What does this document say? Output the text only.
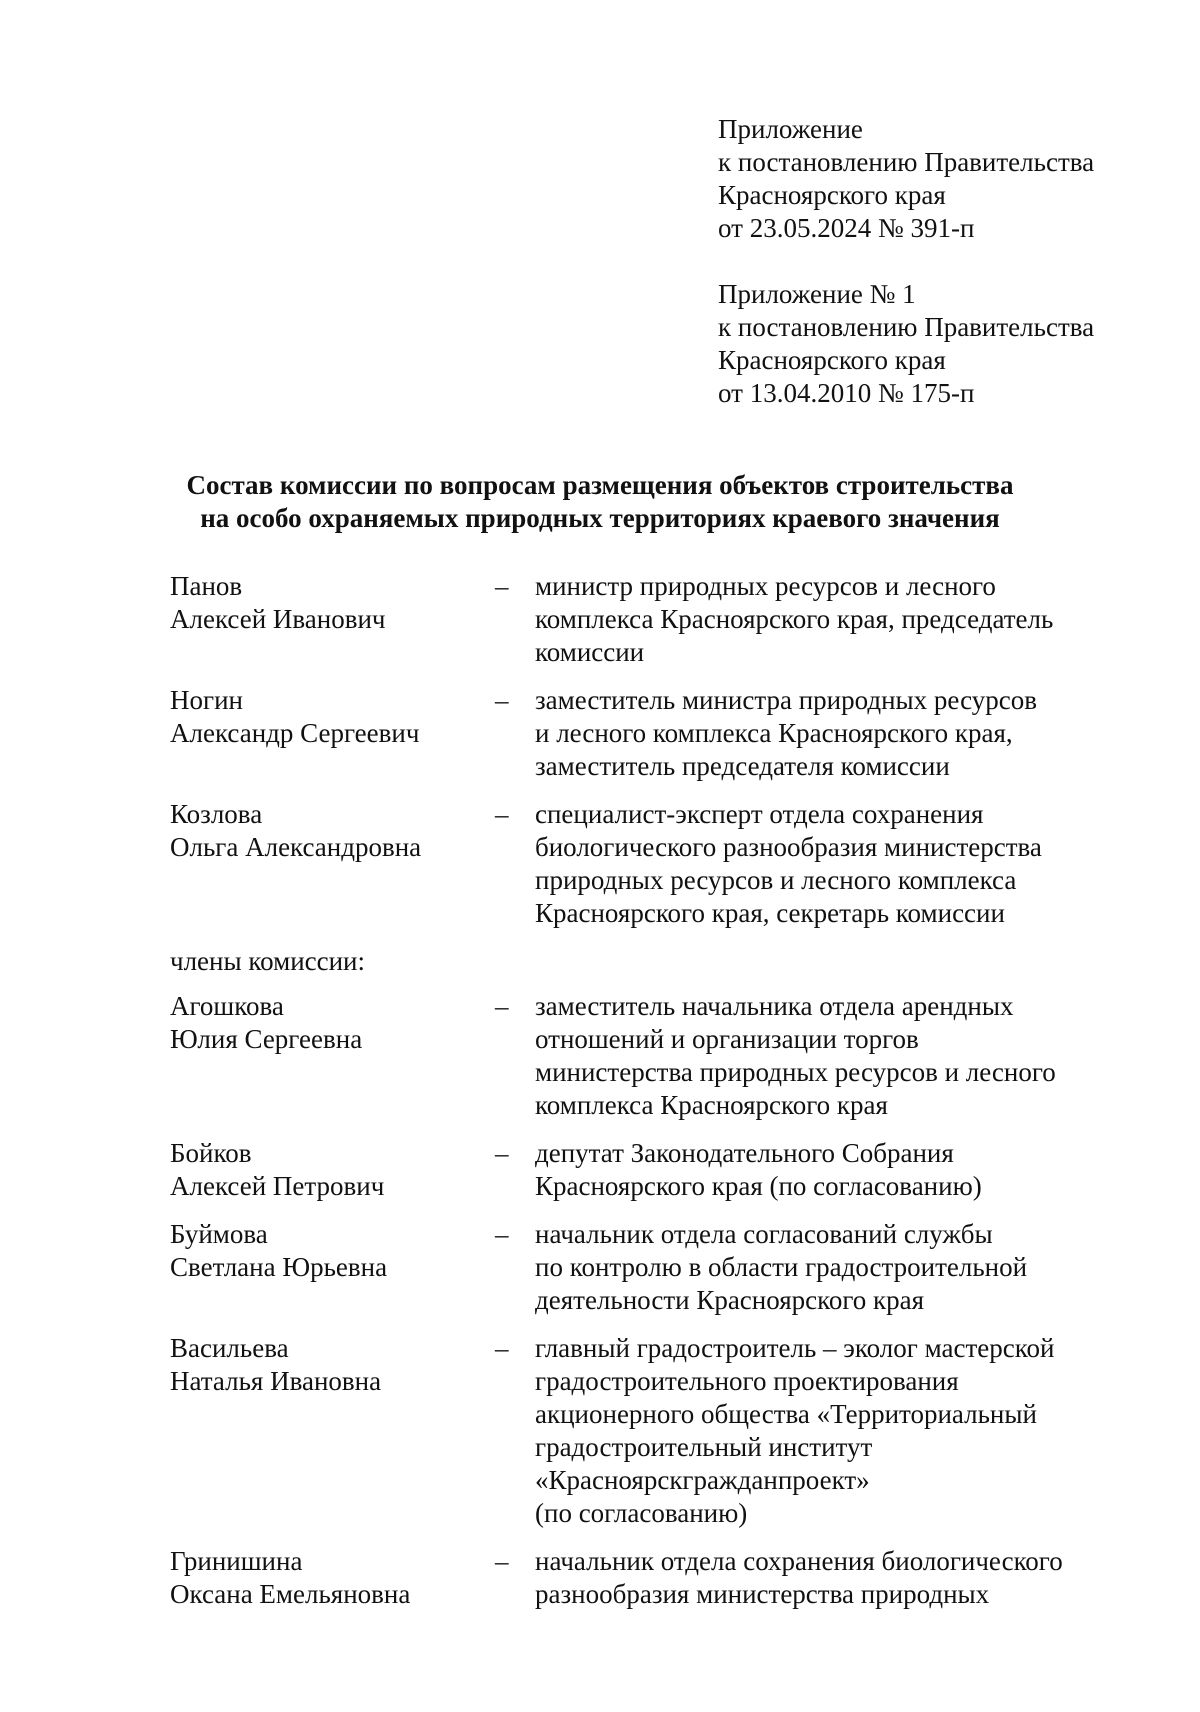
Приложение
к постановлению Правительства
Красноярского края
от 23.05.2024 № 391-п
Приложение № 1
к постановлению Правительства
Красноярского края
от 13.04.2010 № 175-п
Состав комиссии по вопросам размещения объектов строительства
на особо охраняемых природных территориях краевого значения
Панов
Алексей Иванович
– министр природных ресурсов и лесного
комплекса Красноярского края, председатель
комиссии
Ногин
Александр Сергеевич
– заместитель министра природных ресурсов
и лесного комплекса Красноярского края,
заместитель председателя комиссии
Козлова
Ольга Александровна
– специалист-эксперт отдела сохранения
биологического разнообразия министерства
природных ресурсов и лесного комплекса
Красноярского края, секретарь комиссии
члены комиссии:
Агошкова
Юлия Сергеевна
– заместитель начальника отдела арендных
отношений и организации торгов
министерства природных ресурсов и лесного
комплекса Красноярского края
Бойков
Алексей Петрович
– депутат Законодательного Собрания
Красноярского края (по согласованию)
Буймова
Светлана Юрьевна
– начальник отдела согласований службы
по контролю в области градостроительной
деятельности Красноярского края
Васильева
Наталья Ивановна
– главный градостроитель – эколог мастерской
градостроительного проектирования
акционерного общества «Территориальный
градостроительный институт
«Красноярскгражданпроект»
(по согласованию)
Гринишина
Оксана Емельяновна
– начальник отдела сохранения биологического
разнообразия министерства природных
